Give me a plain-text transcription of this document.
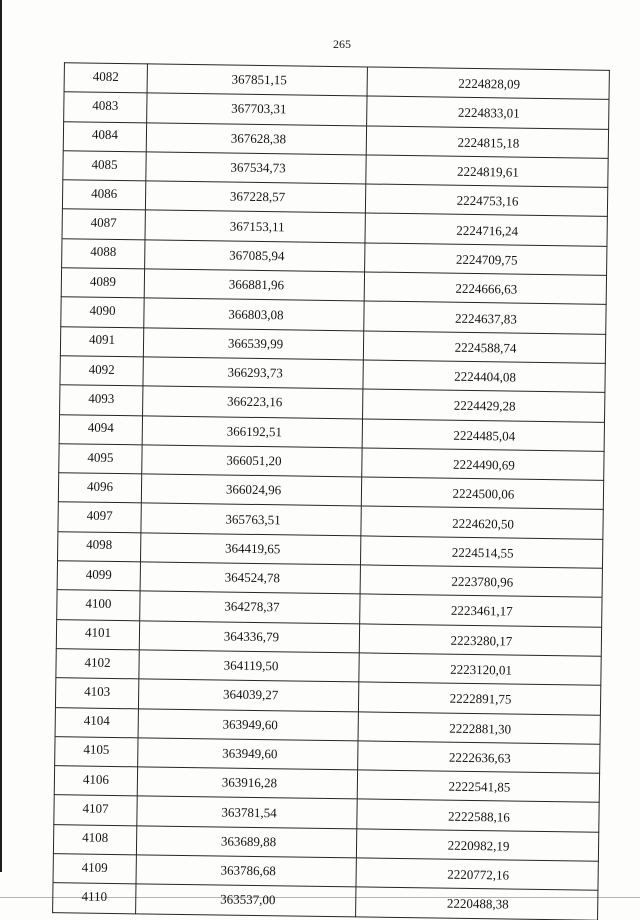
265
4082	367851,15	2224828,09
4083	367703,31	2224833,01
4084	367628,38	2224815,18
4085	367534,73	2224819,61
4086	367228,57	2224753,16
4087	367153,11	2224716,24
4088	367085,94	2224709,75
4089	366881,96	2224666,63
4090	366803,08	2224637,83
4091	366539,99	2224588,74
4092	366293,73	2224404,08
4093	366223,16	2224429,28
4094	366192,51	2224485,04
4095	366051,20	2224490,69
4096	366024,96	2224500,06
4097	365763,51	2224620,50
4098	364419,65	2224514,55
4099	364524,78	2223780,96
4100	364278,37	2223461,17
4101	364336,79	2223280,17
4102	364119,50	2223120,01
4103	364039,27	2222891,75
4104	363949,60	2222881,30
4105	363949,60	2222636,63
4106	363916,28	2222541,85
4107	363781,54	2222588,16
4108	363689,88	2220982,19
4109	363786,68	2220772,16
4110	363537,00	2220488,38
